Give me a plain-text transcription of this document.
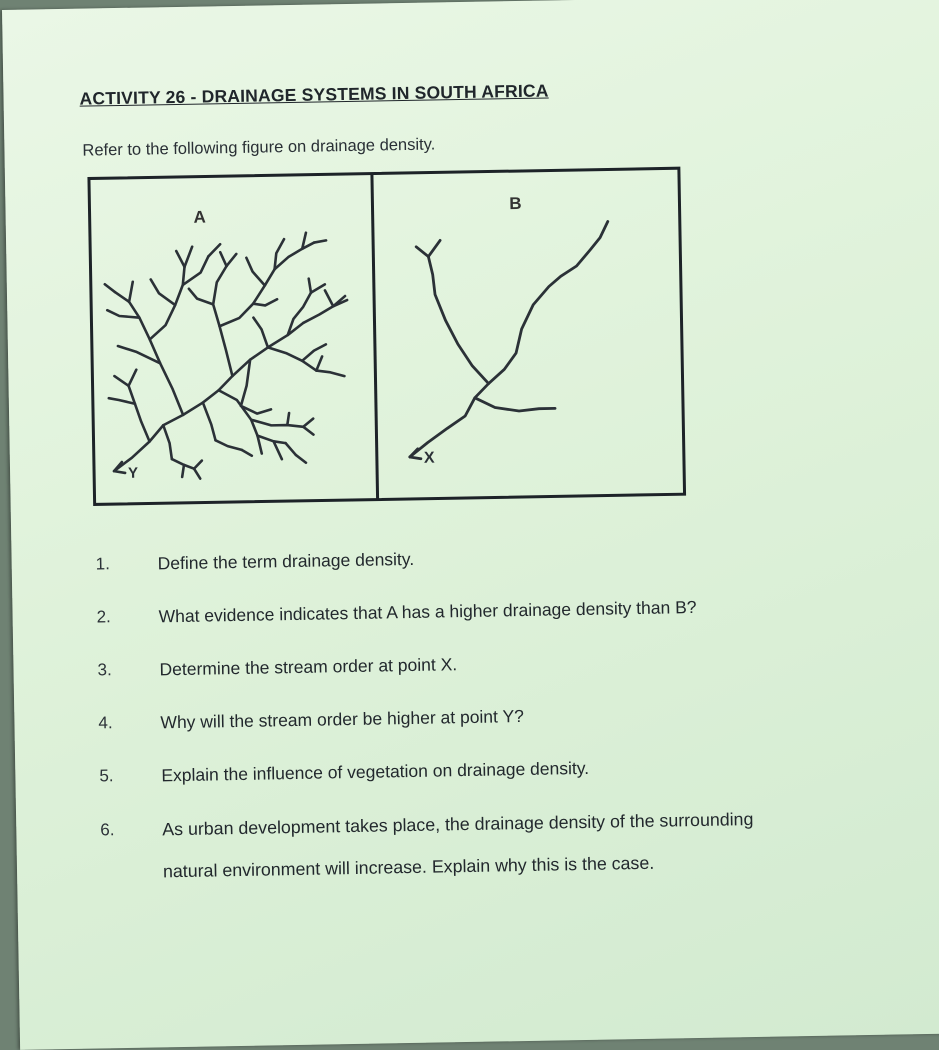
ACTIVITY 26 - DRAINAGE SYSTEMS IN SOUTH AFRICA
Refer to the following figure on drainage density.
A
B
Y
X
1.	Define the term drainage density.
2.	What evidence indicates that A has a higher drainage density than B?
3.	Determine the stream order at point X.
4.	Why will the stream order be higher at point Y?
5.	Explain the influence of vegetation on drainage density.
6.	As urban development takes place, the drainage density of the surrounding
natural environment will increase. Explain why this is the case.
